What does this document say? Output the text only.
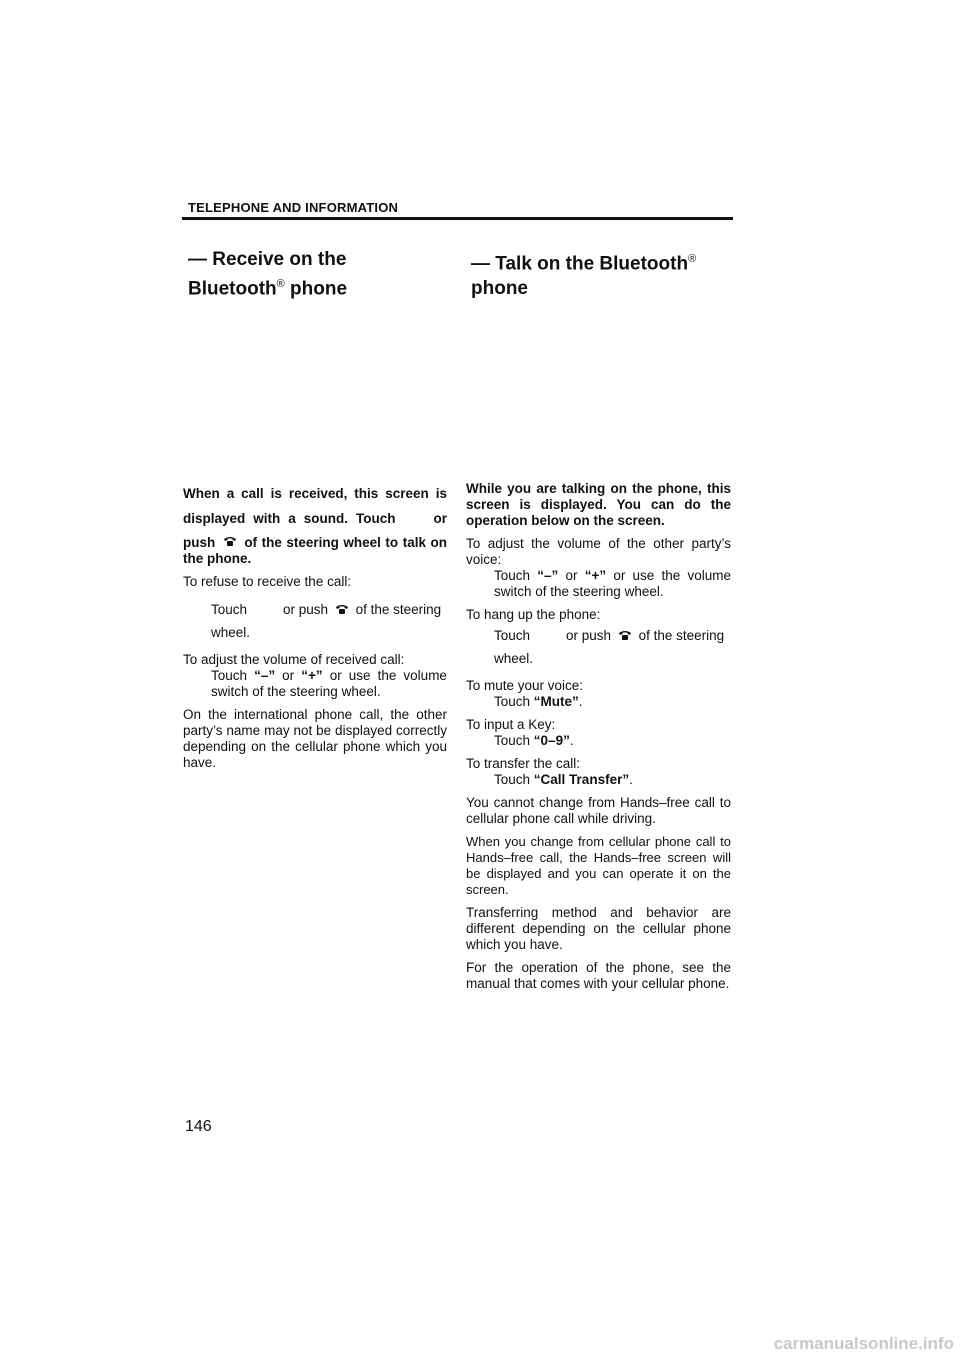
TELEPHONE AND INFORMATION
— Receive on the
Bluetooth® phone
— Talk on the Bluetooth®
phone

When a call is received, this screen is

displayed with a sound. Touch	or

push of the steering wheel to talk on the phone.

To refuse to receive the call:

Touch	or push of the steering

wheel.

To adjust the volume of received call:

Touch “–” or “+” or use the volume switch of the steering wheel.

On the international phone call, the other party’s name may not be displayed correctly depending on the cellular phone which you have.

While you are talking on the phone, this screen is displayed. You can do the operation below on the screen.

To adjust the volume of the other party’s voice:

Touch “–” or “+” or use the volume switch of the steering wheel.

To hang up the phone:

Touch	or push of the steering

wheel.

To mute your voice:

Touch “Mute”.

To input a Key:

Touch “0–9”.

To transfer the call:

Touch “Call Transfer”.

You cannot change from Hands–free call to cellular phone call while driving.

When you change from cellular phone call to Hands–free call, the Hands–free screen will be displayed and you can operate it on the screen.

Transferring method and behavior are different depending on the cellular phone which you have.

For the operation of the phone, see the manual that comes with your cellular phone.

146
carmanualsonline.info
